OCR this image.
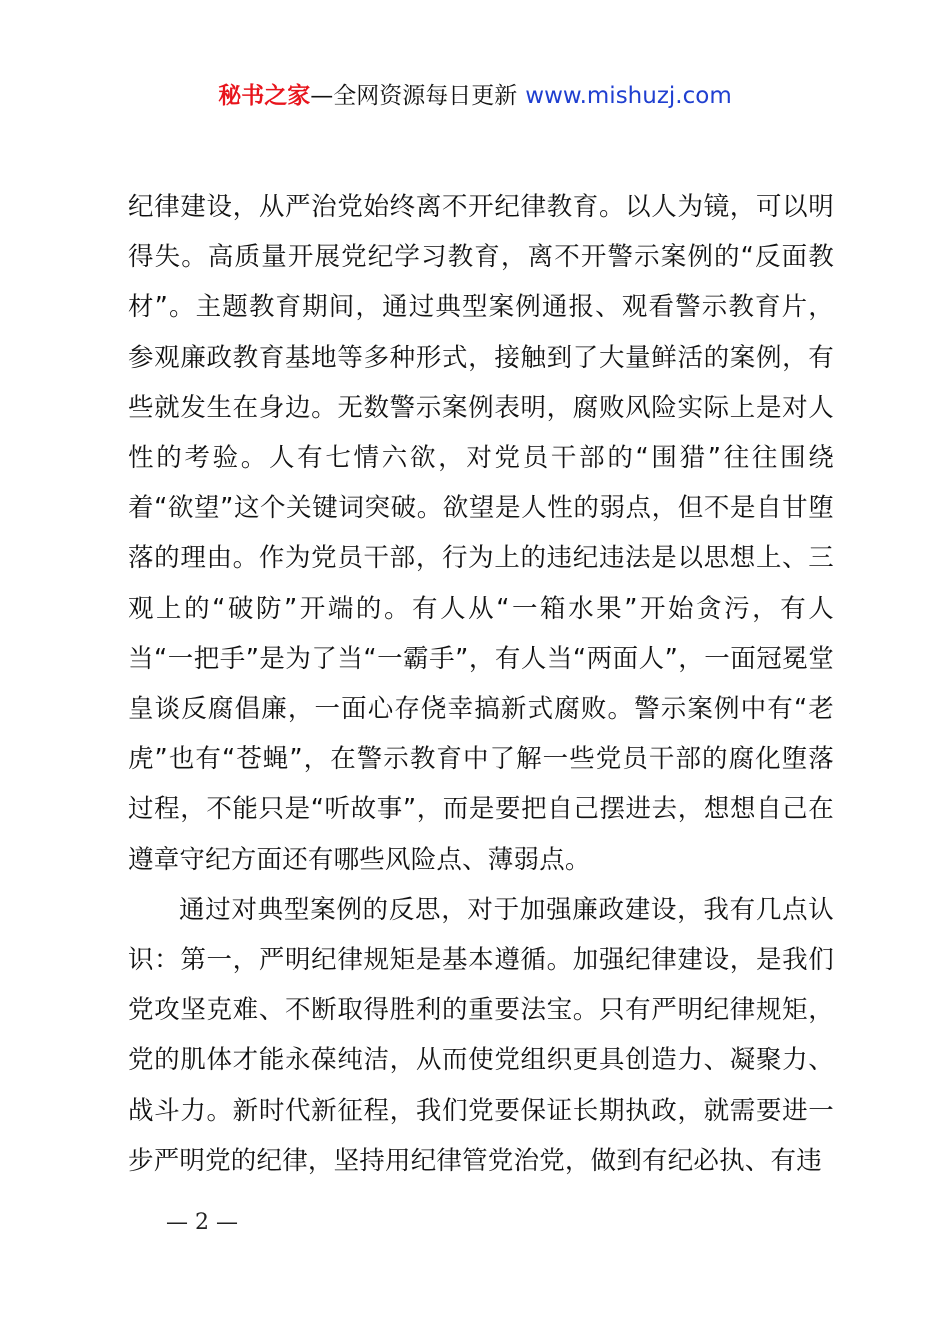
秘书之家—全网资源每日更新 www.mishuzj.com

纪律建设，从严治党始终离不开纪律教育。以人为镜，可以明得失。高质量开展党纪学习教育，离不开警示案例的“反面教材”。主题教育期间，通过典型案例通报、观看警示教育片，参观廉政教育基地等多种形式，接触到了大量鲜活的案例，有些就发生在身边。无数警示案例表明，腐败风险实际上是对人性的考验。人有七情六欲，对党员干部的“围猎”往往围绕着“欲望”这个关键词突破。欲望是人性的弱点，但不是自甘堕落的理由。作为党员干部，行为上的违纪违法是以思想上、三观上的“破防”开端的。有人从“一箱水果”开始贪污，有人当“一把手”是为了当“一霸手”，有人当“两面人”，一面冠冕堂皇谈反腐倡廉，一面心存侥幸搞新式腐败。警示案例中有“老虎”也有“苍蝇”，在警示教育中了解一些党员干部的腐化堕落过程，不能只是“听故事”，而是要把自己摆进去，想想自己在遵章守纪方面还有哪些风险点、薄弱点。

通过对典型案例的反思，对于加强廉政建设，我有几点认识：第一，严明纪律规矩是基本遵循。加强纪律建设，是我们党攻坚克难、不断取得胜利的重要法宝。只有严明纪律规矩，党的肌体才能永葆纯洁，从而使党组织更具创造力、凝聚力、战斗力。新时代新征程，我们党要保证长期执政，就需要进一步严明党的纪律，坚持用纪律管党治党，做到有纪必执、有违

— 2 —
